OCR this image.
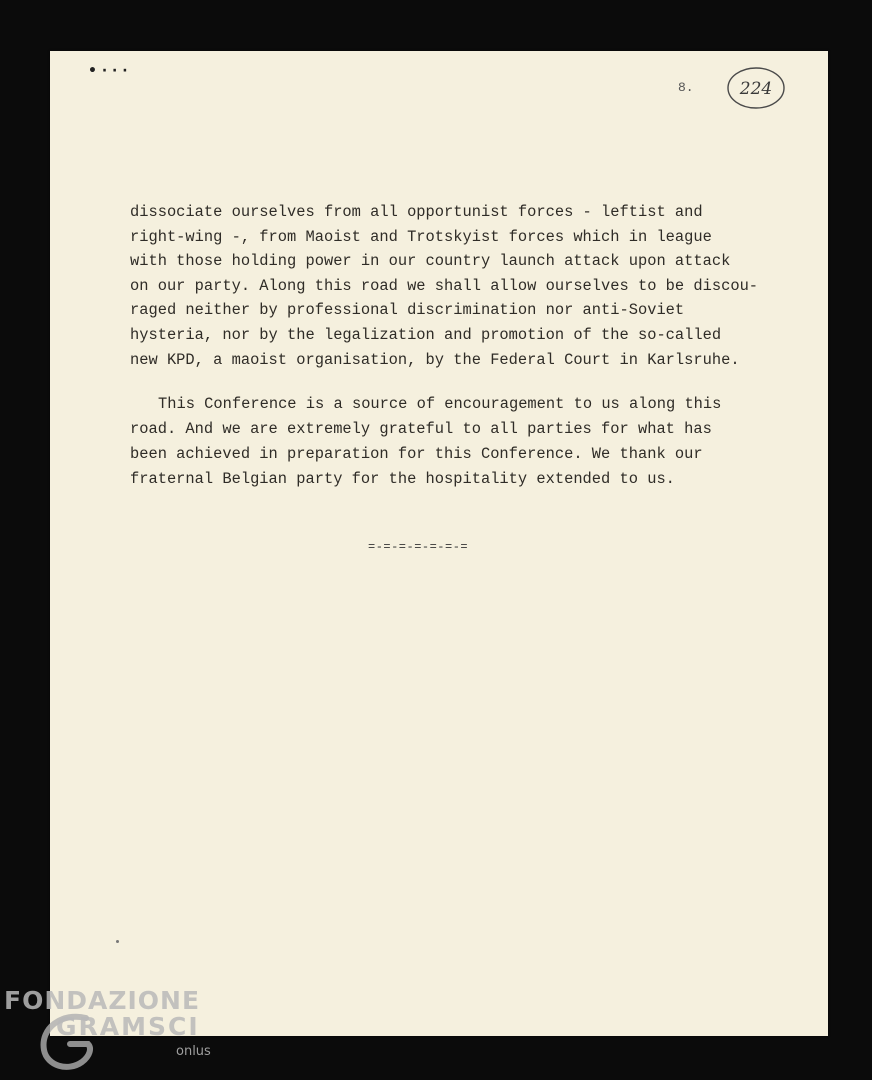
• · · ·
8.	224
dissociate ourselves from all opportunist forces - leftist and
right-wing -, from Maoist and Trotskyist forces which in league
with those holding power in our country launch attack upon attack
on our party. Along this road we shall allow ourselves to be discou-
raged neither by professional discrimination nor anti-Soviet
hysteria, nor by the legalization and promotion of the so-called
new KPD, a maoist organisation, by the Federal Court in Karlsruhe.
This Conference is a source of encouragement to us along this
road. And we are extremely grateful to all parties for what has
been achieved in preparation for this Conference. We thank our
fraternal Belgian party for the hospitality extended to us.
=-=-=-=-=-=-=
FONDAZIONE
GRAMSCI
onlus
